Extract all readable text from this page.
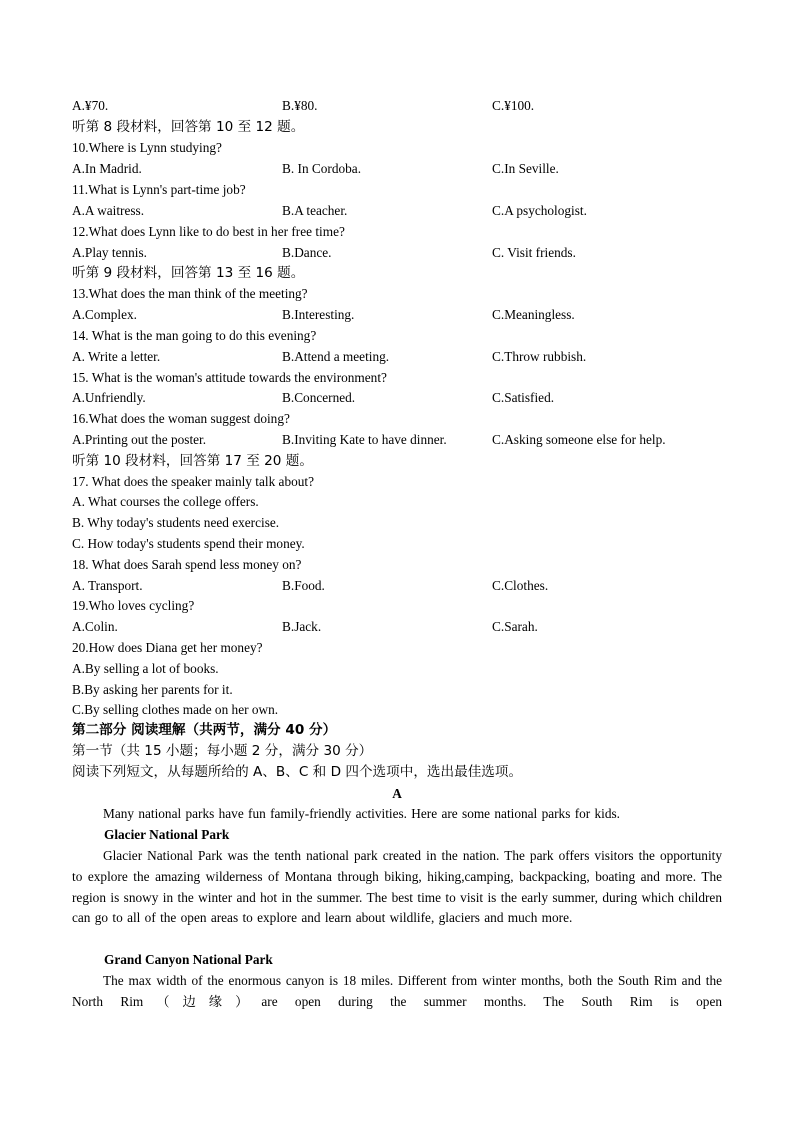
A.¥70.	B.¥80.	C.¥100.
听第 8 段材料，回答第 10 至 12 题。
10.Where is Lynn studying?
A.In Madrid.	B. In Cordoba.	C.In Seville.
11.What is Lynn's part-time job?
A.A waitress.	B.A teacher.	C.A psychologist.
12.What does Lynn like to do best in her free time?
A.Play tennis.	B.Dance.	C. Visit friends.
听第 9 段材料，回答第 13 至 16 题。
13.What does the man think of the meeting?
A.Complex.	B.Interesting.	C.Meaningless.
14. What is the man going to do this evening?
A. Write a letter.	B.Attend a meeting.	C.Throw rubbish.
15. What is the woman's attitude towards the environment?
A.Unfriendly.	B.Concerned.	C.Satisfied.
16.What does the woman suggest doing?
A.Printing out the poster.	B.Inviting Kate to have dinner.	C.Asking someone else for help.
听第 10 段材料，回答第 17 至 20 题。
17. What does the speaker mainly talk about?
A. What courses the college offers.
B. Why today's students need exercise.
C. How today's students spend their money.
18. What does Sarah spend less money on?
A. Transport.	B.Food.	C.Clothes.
19.Who loves cycling?
A.Colin.	B.Jack.	C.Sarah.
20.How does Diana get her money?
A.By selling a lot of books.
B.By asking her parents for it.
C.By selling clothes made on her own.
第二部分 阅读理解（共两节，满分 40 分）
第一节（共 15 小题；每小题 2 分，满分 30 分）
阅读下列短文，从每题所给的 A、B、C 和 D 四个选项中，选出最佳选项。
A
Many national parks have fun family-friendly activities. Here are some national parks for kids.
Glacier National Park
Glacier National Park was the tenth national park created in the nation. The park offers visitors the opportunity to explore the amazing wilderness of Montana through biking, hiking,camping, backpacking, boating and more. The region is snowy in the winter and hot in the summer. The best time to visit is the early summer, during which children can go to all of the open areas to explore and learn about wildlife, glaciers and much more.
Grand Canyon National Park
The max width of the enormous canyon is 18 miles. Different from winter months, both the South Rim and the North Rim（边缘）are open during the summer months. The South Rim is open
